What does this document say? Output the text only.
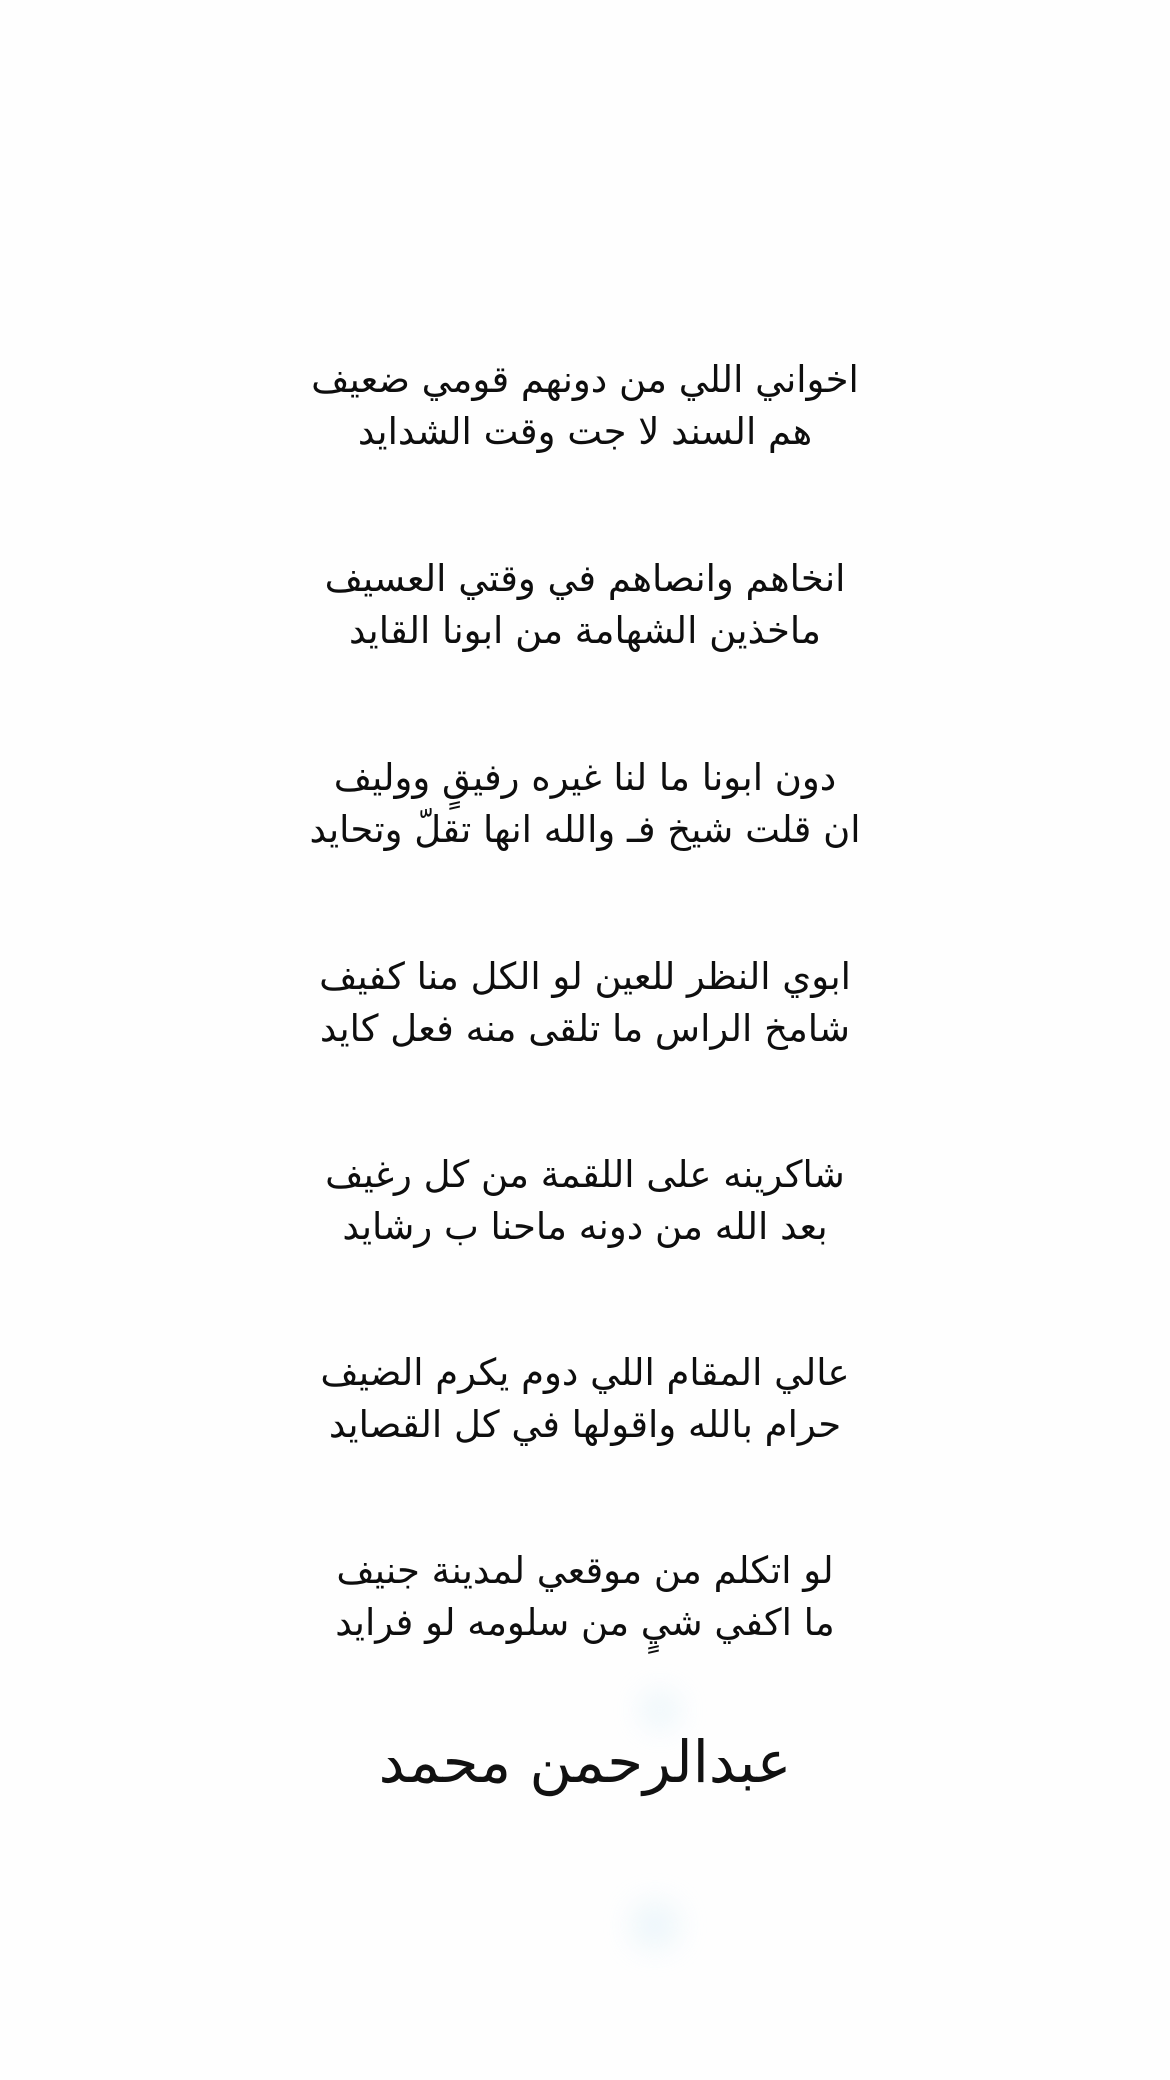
اخواني اللي من دونهم قومي ضعيف
هم السند لا جت وقت الشدايد
انخاهم وانصاهم في وقتي العسيف
ماخذين الشهامة من ابونا القايد
دون ابونا ما لنا غيره رفيقٍ ووليف
ان قلت شيخ فـ والله انها تقلّ وتحايد
ابوي النظر للعين لو الكل منا كفيف
شامخ الراس ما تلقى منه فعل كايد
شاكرينه على اللقمة من كل رغيف
بعد الله من دونه ماحنا ب رشايد
عالي المقام اللي دوم يكرم الضيف
حرام بالله واقولها في كل القصايد
لو اتكلم من موقعي لمدينة جنيف
ما اكفي شيٍ من سلومه لو فرايد
عبدالرحمن محمد
